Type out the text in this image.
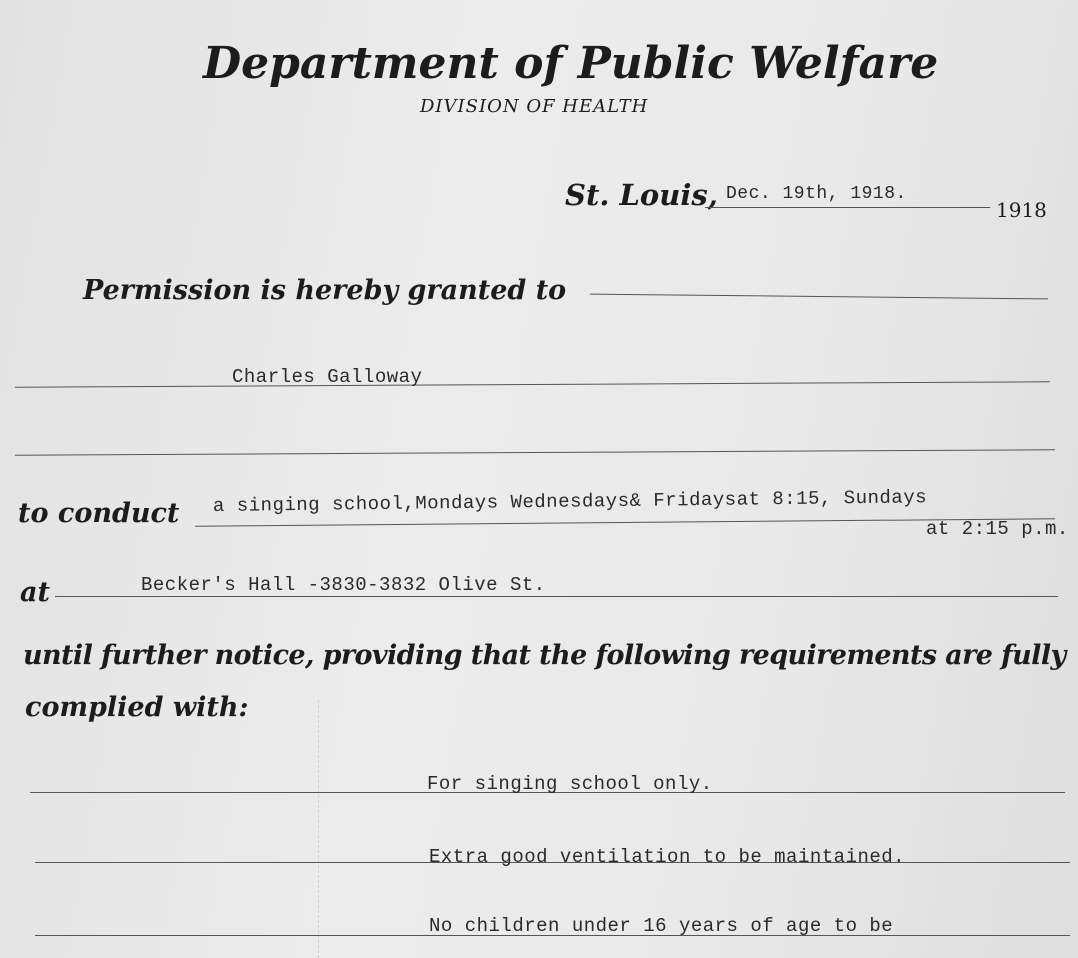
Department of Public Welfare
DIVISION OF HEALTH
St. Louis, Dec. 19th, 1918.
1918
Permission is hereby granted to
Charles Galloway
to conduct a singing school,Mondays Wednesdays& Fridaysat 8:15, Sundays
at 2:15 p.m.
at	Becker's Hall -3830-3832 Olive St.
until further notice, providing that the following requirements are fully
complied with:
For singing school only.
Extra good ventilation to be maintained.
No children under 16 years of age to be
